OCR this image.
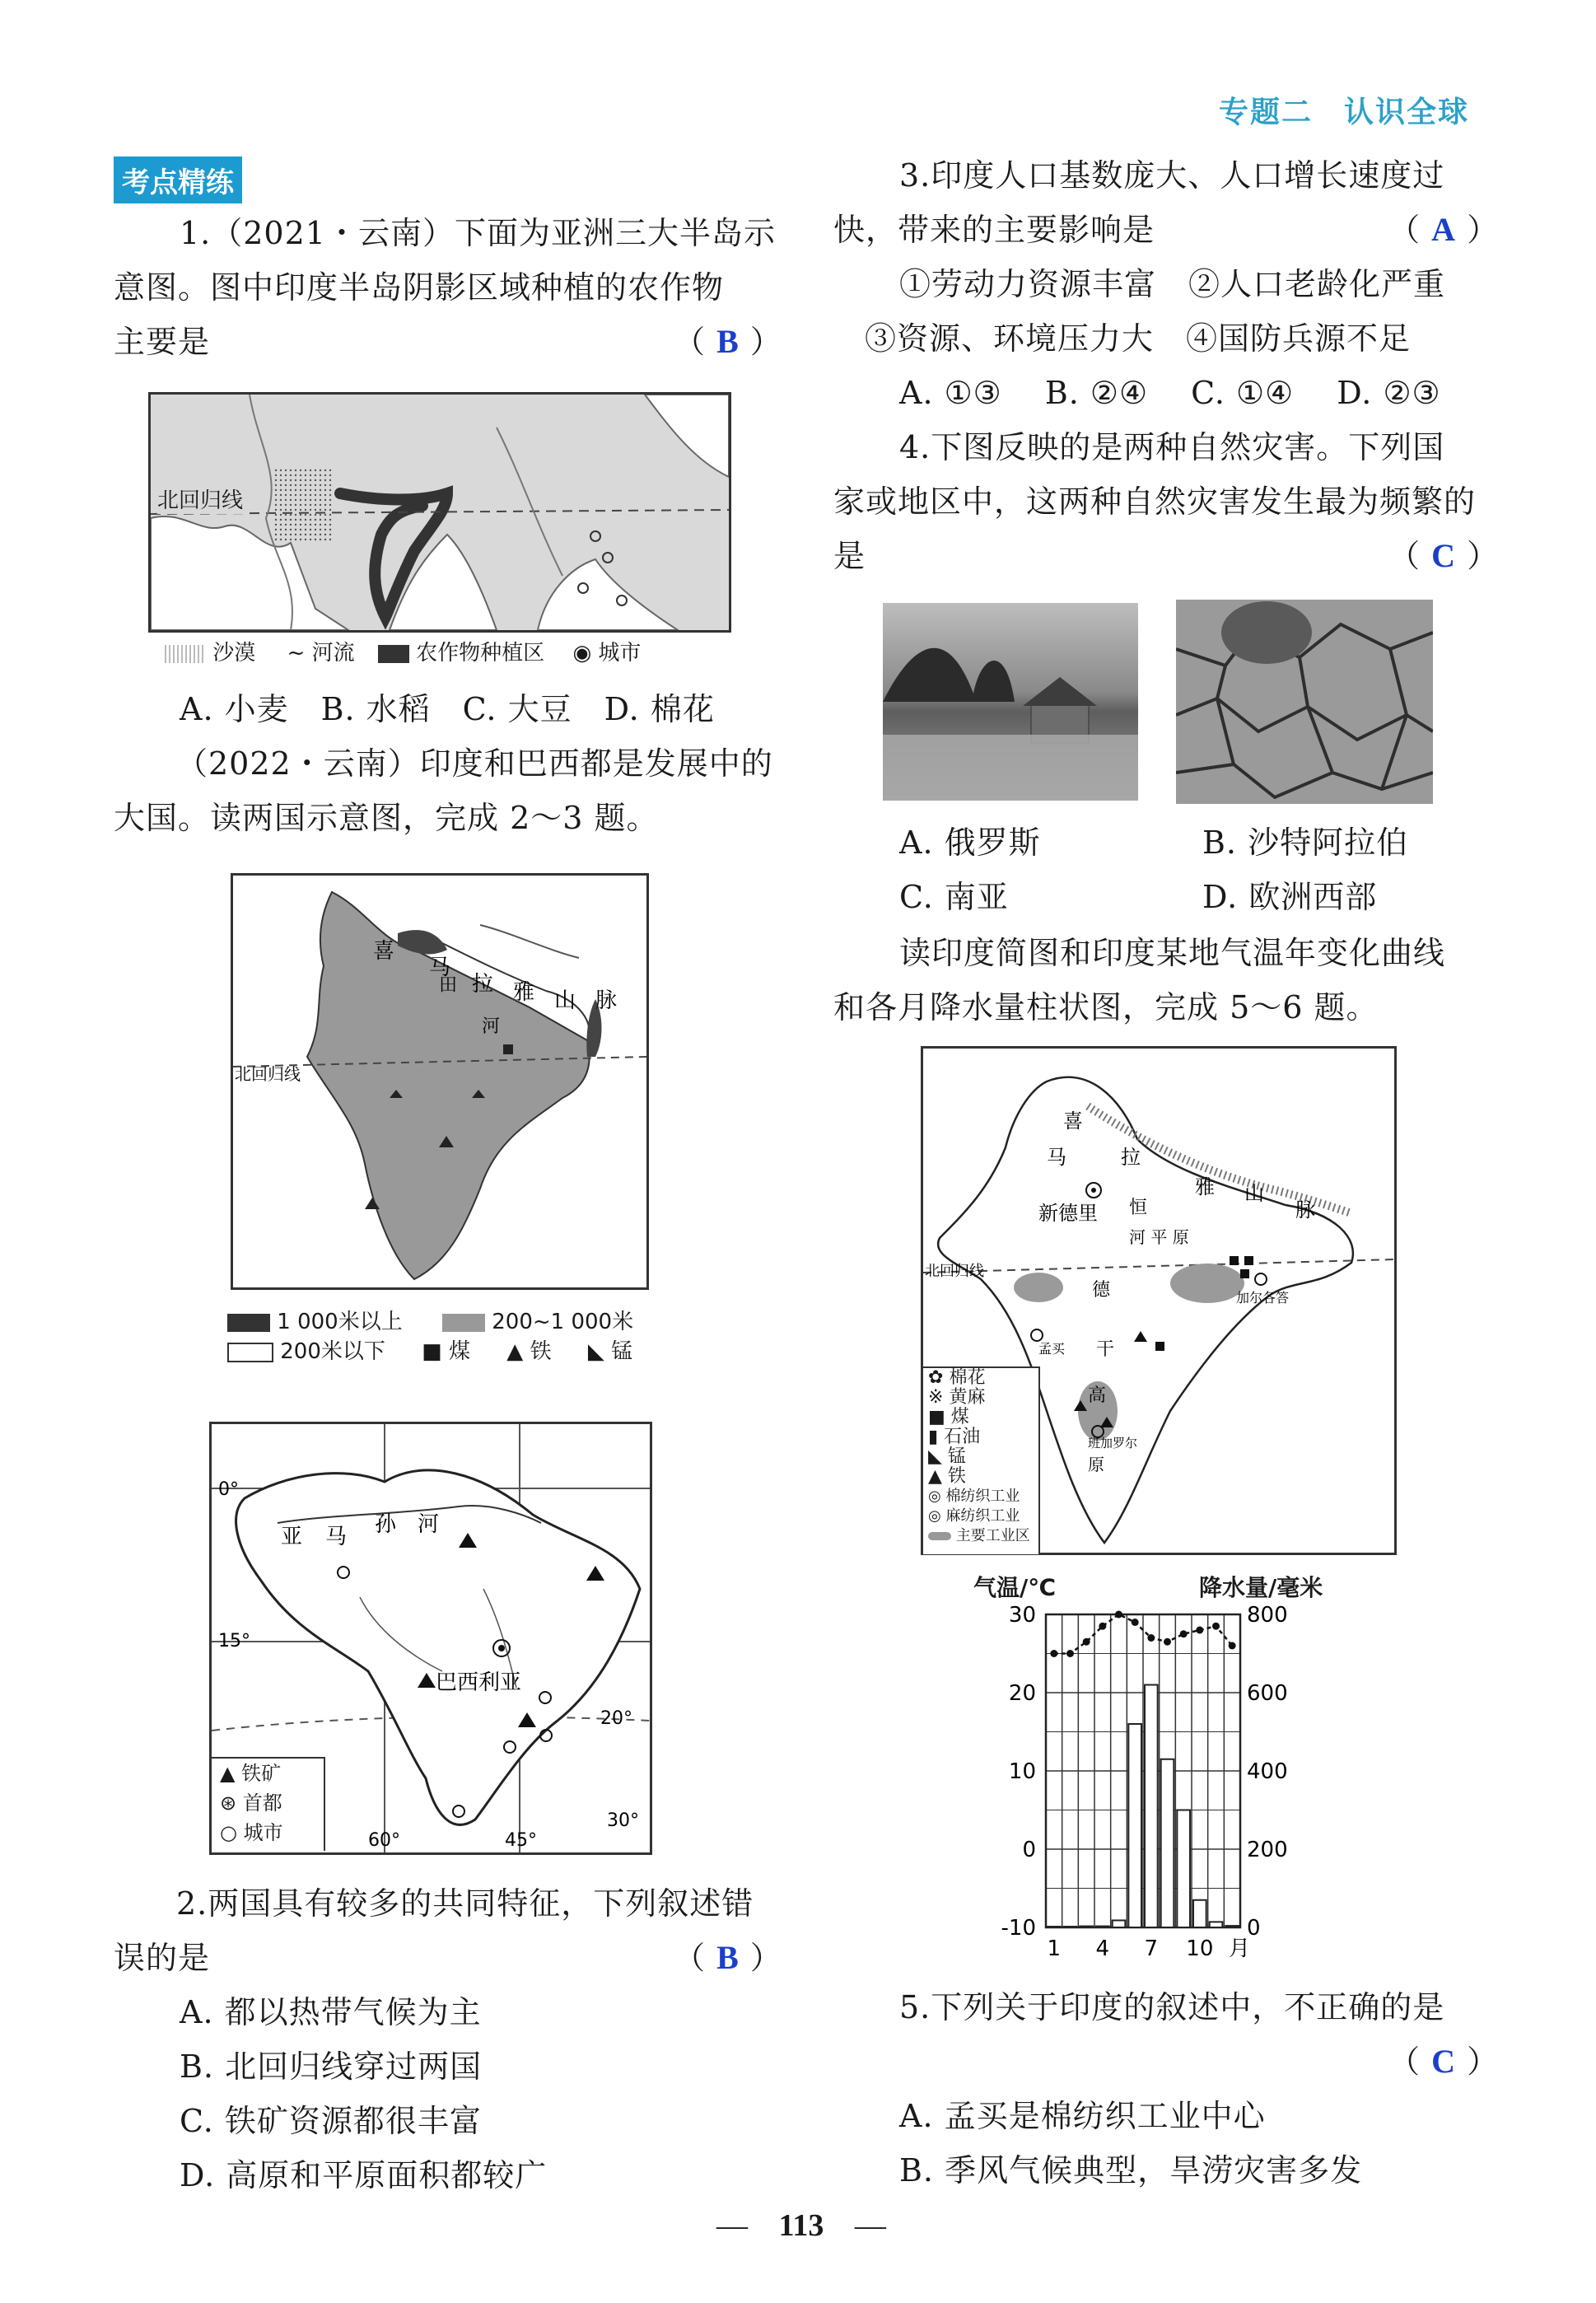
专题二　认识全球
考点精练
1.（2021・云南）下面为亚洲三大半岛示
意图。图中印度半岛阴影区域种植的农作物
主要是	（ B ）
北回归线
沙漠 ~ 河流	农作物种植区 ◉ 城市
A. 小麦　B. 水稻　C. 大豆　D. 棉花
（2022・云南）印度和巴西都是发展中的
大国。读两国示意图，完成 2～3 题。
喜
马
拉 雅 山 脉
田
河
北回归线
1 000米以上	200~1 000米
200米以下 ■ 煤 ▲ 铁 ◣ 锰
亚 马 孙 河
巴西利亚
0°
15°
20°
30°
60°	45°
▲ 铁矿
⊛ 首都
○ 城市
2.两国具有较多的共同特征，下列叙述错
误的是	（ B ）
A. 都以热带气候为主
B. 北回归线穿过两国
C. 铁矿资源都很丰富
D. 高原和平原面积都较广
3.印度人口基数庞大、人口增长速度过
快，带来的主要影响是	（ A ）
①劳动力资源丰富　②人口老龄化严重
③资源、环境压力大　④国防兵源不足
A. ①③　 B. ②④　 C. ①④　 D. ②③
4.下图反映的是两种自然灾害。下列国
家或地区中，这两种自然灾害发生最为频繁的
是	（ C ）
A. 俄罗斯	B. 沙特阿拉伯
C. 南亚	D. 欧洲西部
读印度简图和印度某地气温年变化曲线
和各月降水量柱状图，完成 5～6 题。
喜
马	拉
雅 山
脉
新德里 恒
河 平 原
北回归线
加尔各答
德
孟买 干
高
班加罗尔
原
✿ 棉花
※ 黄麻
■ 煤
▮ 石油
◣ 锰
▲ 铁
◎ 棉纺织工业
◎ 麻纺织工业
主要工业区
气温/℃	降水量/毫米
-10
0
10
20
30
0
200
400
600
800
1 4 7 10 月
5.下列关于印度的叙述中，不正确的是
（ C ）
A. 孟买是棉纺织工业中心
B. 季风气候典型，旱涝灾害多发
— 113 —
